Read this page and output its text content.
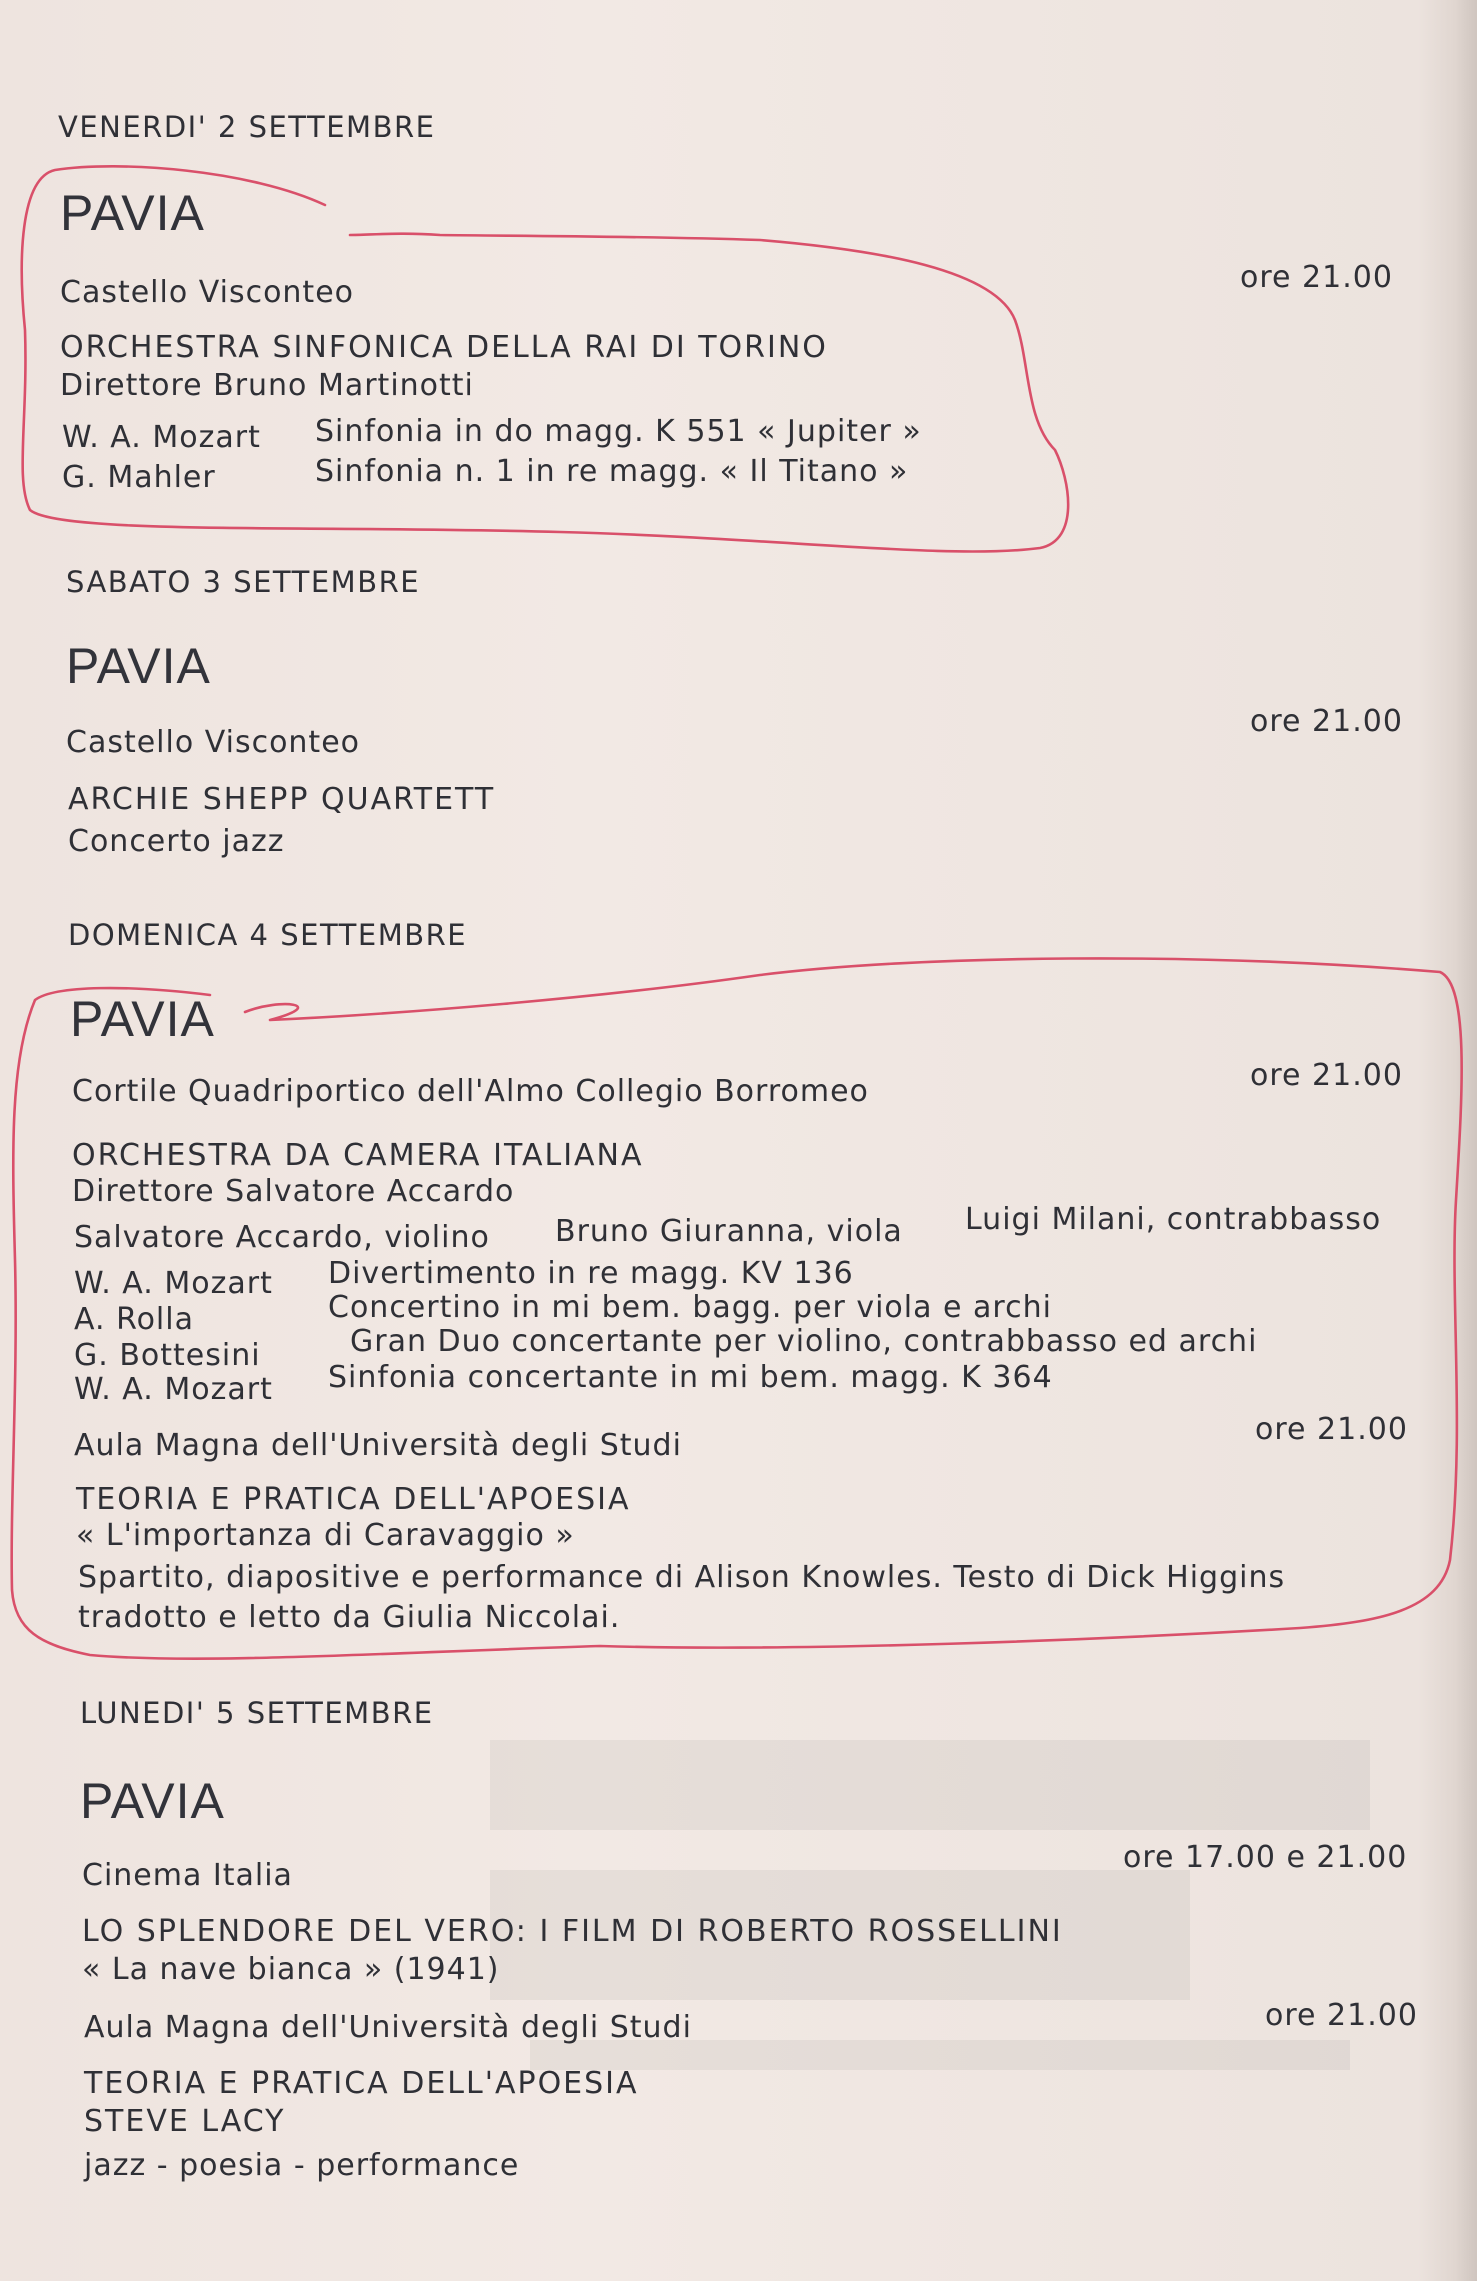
VENERDI' 2 SETTEMBRE

PAVIA

Castello Visconteo	ore 21.00

ORCHESTRA SINFONICA DELLA RAI DI TORINO

Direttore Bruno Martinotti

W. A. Mozart Sinfonia in do magg. K 551 « Jupiter »

G. Mahler	Sinfonia n. 1 in re magg. « Il Titano »

SABATO 3 SETTEMBRE

PAVIA

Castello Visconteo

ore 21.00

ARCHIE SHEPP QUARTETT

Concerto jazz

DOMENICA 4 SETTEMBRE

PAVIA

Cortile Quadriportico dell'Almo Collegio Borromeo	ore 21.00

ORCHESTRA DA CAMERA ITALIANA

Direttore Salvatore Accardo

Salvatore Accardo, violino Bruno Giuranna, viola Luigi Milani, contrabbasso

W. A. Mozart Divertimento in re magg. KV 136

A. Rolla	Concertino in mi bem. bagg. per viola e archi

G. Bottesini	Gran Duo concertante per violino, contrabbasso ed archi

W. A. Mozart Sinfonia concertante in mi bem. magg. K 364

Aula Magna dell'Università degli Studi	ore 21.00

TEORIA E PRATICA DELL'APOESIA

« L'importanza di Caravaggio »

Spartito, diapositive e performance di Alison Knowles. Testo di Dick Higgins

tradotto e letto da Giulia Niccolai.

LUNEDI' 5 SETTEMBRE

PAVIA

Cinema Italia

ore 17.00 e 21.00

LO SPLENDORE DEL VERO: I FILM DI ROBERTO ROSSELLINI

« La nave bianca » (1941)

Aula Magna dell'Università degli Studi	ore 21.00

TEORIA E PRATICA DELL'APOESIA

STEVE LACY

jazz - poesia - performance
